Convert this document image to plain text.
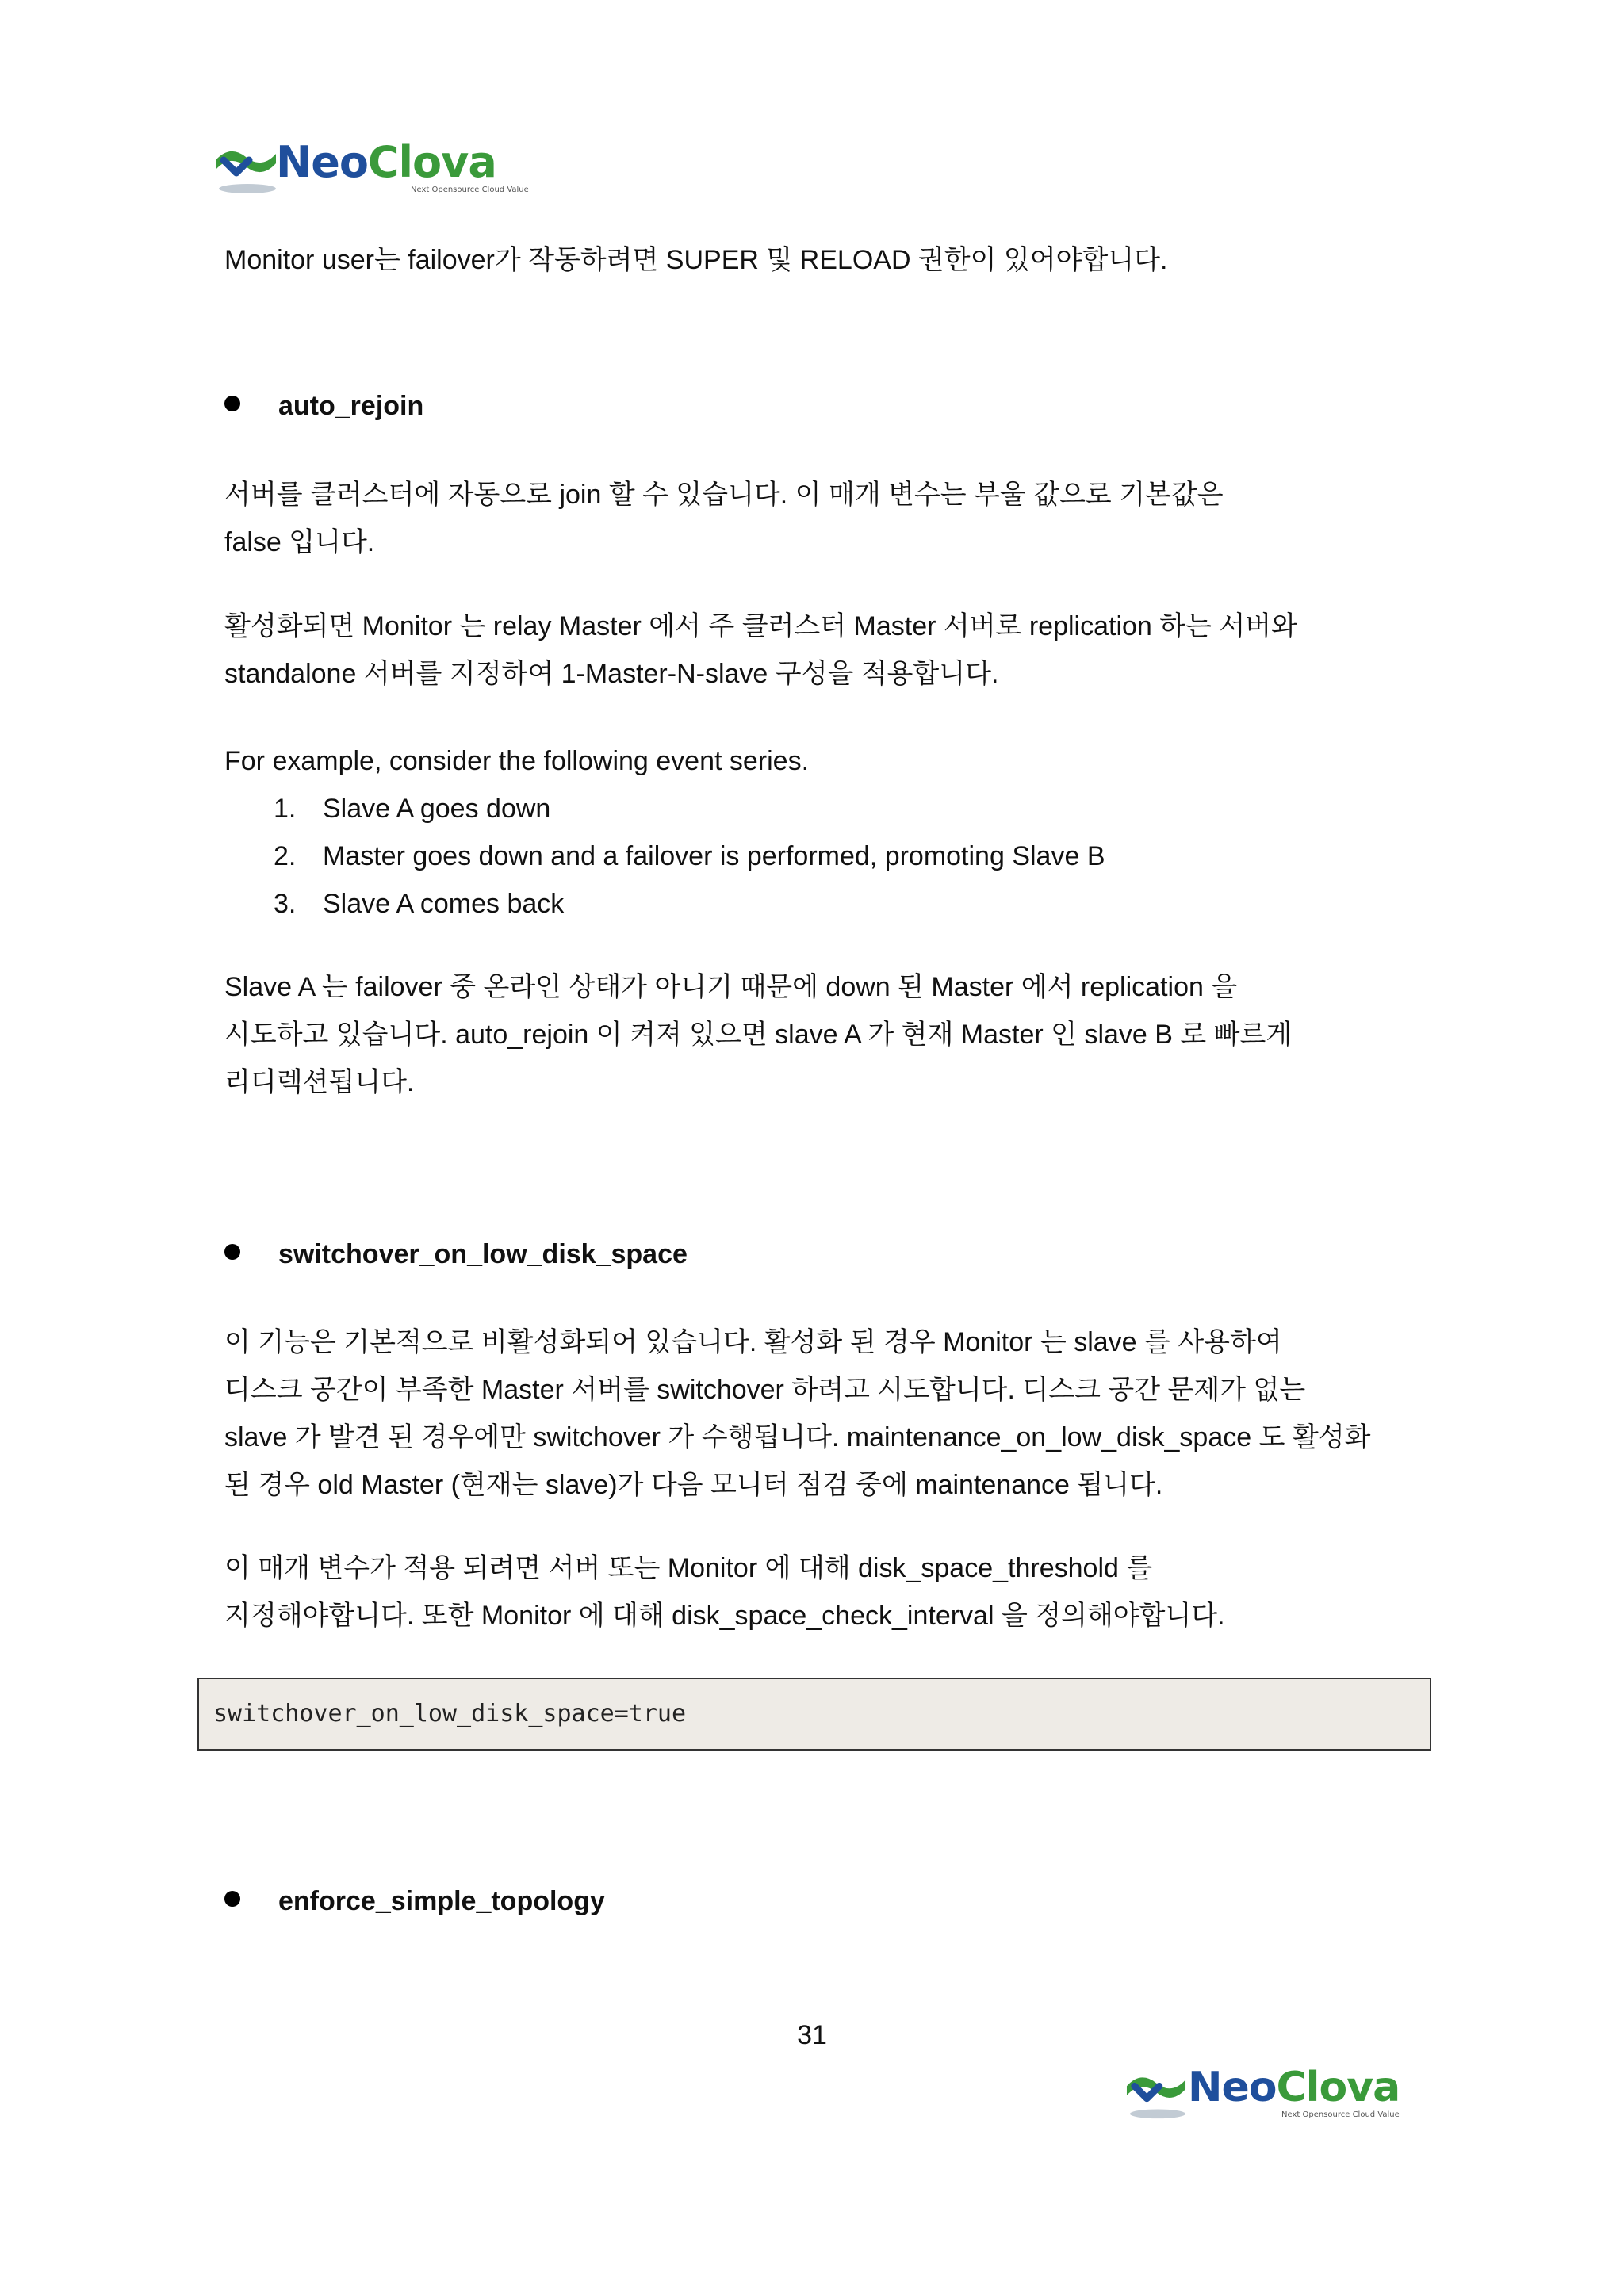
NeoClova
Next Opensource Cloud Value
Monitor user는 failover가 작동하려면 SUPER 및 RELOAD 권한이 있어야합니다.
auto_rejoin
서버를 클러스터에 자동으로 join 할 수 있습니다. 이 매개 변수는 부울 값으로 기본값은
false 입니다.
활성화되면 Monitor 는 relay Master 에서 주 클러스터 Master 서버로 replication 하는 서버와
standalone 서버를 지정하여 1-Master-N-slave 구성을 적용합니다.
For example, consider the following event series.
1. Slave A goes down
2. Master goes down and a failover is performed, promoting Slave B
3. Slave A comes back
Slave A 는 failover 중 온라인 상태가 아니기 때문에 down 된 Master 에서 replication 을
시도하고 있습니다. auto_rejoin 이 켜져 있으면 slave A 가 현재 Master 인 slave B 로 빠르게
리디렉션됩니다.
switchover_on_low_disk_space
이 기능은 기본적으로 비활성화되어 있습니다. 활성화 된 경우 Monitor 는 slave 를 사용하여
디스크 공간이 부족한 Master 서버를 switchover 하려고 시도합니다. 디스크 공간 문제가 없는
slave 가 발견 된 경우에만 switchover 가 수행됩니다. maintenance_on_low_disk_space 도 활성화
된 경우 old Master (현재는 slave)가 다음 모니터 점검 중에 maintenance 됩니다.
이 매개 변수가 적용 되려면 서버 또는 Monitor 에 대해 disk_space_threshold 를
지정해야합니다. 또한 Monitor 에 대해 disk_space_check_interval 을 정의해야합니다.
switchover_on_low_disk_space=true
enforce_simple_topology
31
NeoClova
Next Opensource Cloud Value
